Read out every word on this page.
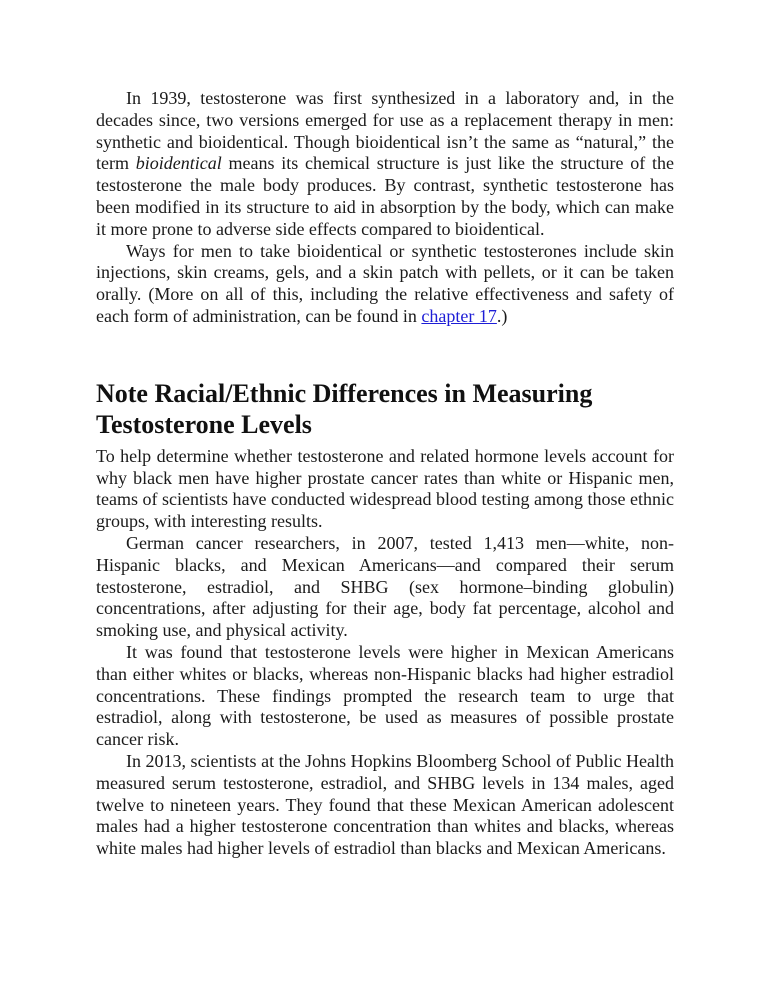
In 1939, testosterone was first synthesized in a laboratory and, in the decades since, two versions emerged for use as a replacement therapy in men: synthetic and bioidentical. Though bioidentical isn’t the same as “natural,” the term bioidentical means its chemical structure is just like the structure of the testosterone the male body produces. By contrast, synthetic testosterone has been modified in its structure to aid in absorption by the body, which can make it more prone to adverse side effects compared to bioidentical.

Ways for men to take bioidentical or synthetic testosterones include skin injections, skin creams, gels, and a skin patch with pellets, or it can be taken orally. (More on all of this, including the relative effectiveness and safety of each form of administration, can be found in chapter 17.)

Note Racial/Ethnic Differences in Measuring Testosterone Levels

To help determine whether testosterone and related hormone levels account for why black men have higher prostate cancer rates than white or Hispanic men, teams of scientists have conducted widespread blood testing among those ethnic groups, with interesting results.

German cancer researchers, in 2007, tested 1,413 men—white, non-Hispanic blacks, and Mexican Americans—and compared their serum testosterone, estradiol, and SHBG (sex hormone–binding globulin) concentrations, after adjusting for their age, body fat percentage, alcohol and smoking use, and physical activity.

It was found that testosterone levels were higher in Mexican Americans than either whites or blacks, whereas non-Hispanic blacks had higher estradiol concentrations. These findings prompted the research team to urge that estradiol, along with testosterone, be used as measures of possible prostate cancer risk.

In 2013, scientists at the Johns Hopkins Bloomberg School of Public Health measured serum testosterone, estradiol, and SHBG levels in 134 males, aged twelve to nineteen years. They found that these Mexican American adolescent males had a higher testosterone concentration than whites and blacks, whereas white males had higher levels of estradiol than blacks and Mexican Americans.
